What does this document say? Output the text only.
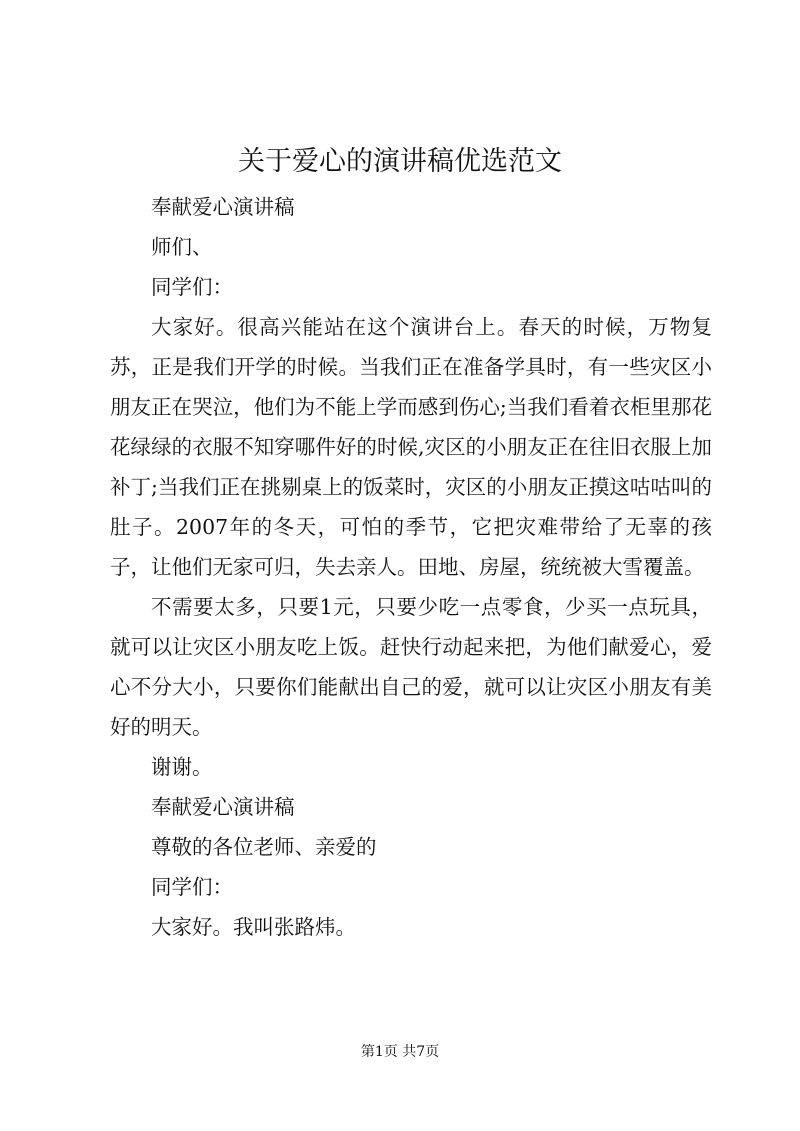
关于爱心的演讲稿优选范文

奉献爱心演讲稿

师们、

同学们：

大家好。很高兴能站在这个演讲台上。春天的时候，万物复苏，正是我们开学的时候。当我们正在准备学具时，有一些灾区小朋友正在哭泣，他们为不能上学而感到伤心;当我们看着衣柜里那花花绿绿的衣服不知穿哪件好的时候,灾区的小朋友正在往旧衣服上加补丁;当我们正在挑剔桌上的饭菜时，灾区的小朋友正摸这咕咕叫的肚子。2007年的冬天，可怕的季节，它把灾难带给了无辜的孩子，让他们无家可归，失去亲人。田地、房屋，统统被大雪覆盖。

不需要太多，只要1元，只要少吃一点零食，少买一点玩具，就可以让灾区小朋友吃上饭。赶快行动起来把，为他们献爱心，爱心不分大小，只要你们能献出自己的爱，就可以让灾区小朋友有美好的明天。

谢谢。

奉献爱心演讲稿

尊敬的各位老师、亲爱的

同学们：

大家好。我叫张路炜。

第1页 共7页
